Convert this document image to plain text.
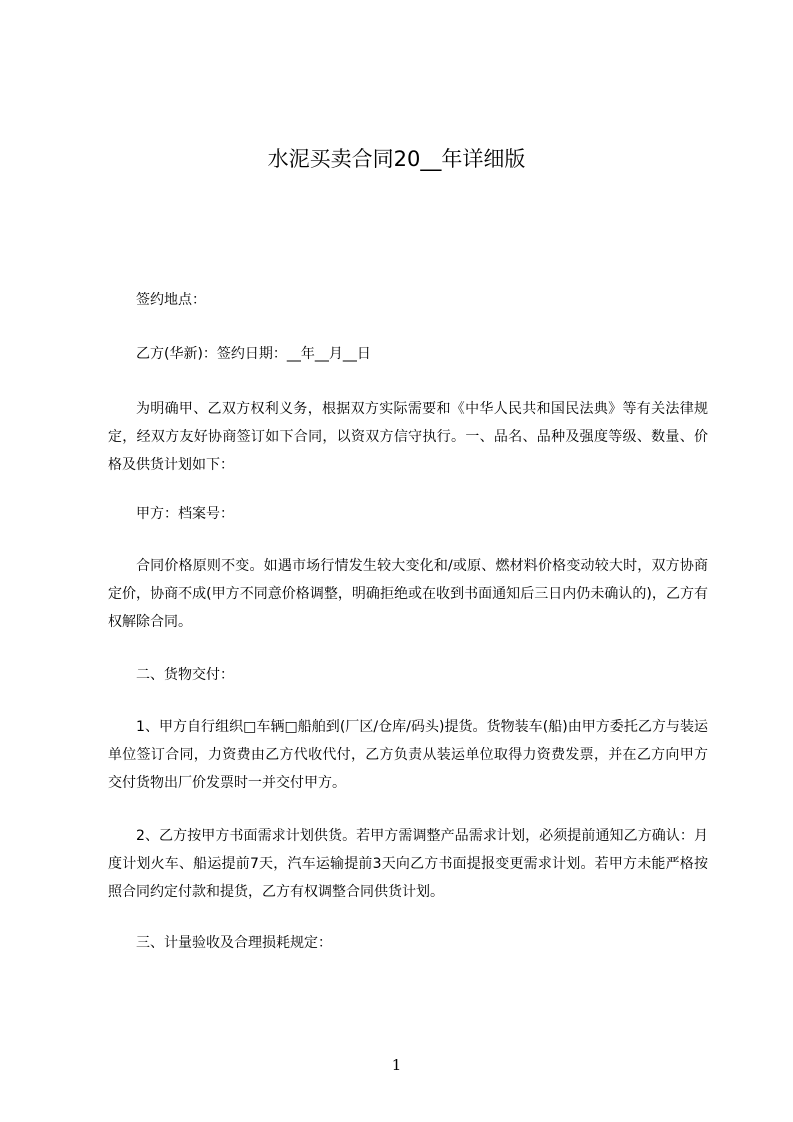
水泥买卖合同20__年详细版

签约地点：

乙方(华新)：签约日期：__年__月__日

为明确甲、乙双方权利义务，根据双方实际需要和《中华人民共和国民法典》等有关法律规定，经双方友好协商签订如下合同，以资双方信守执行。一、品名、品种及强度等级、数量、价格及供货计划如下：

甲方：档案号：

合同价格原则不变。如遇市场行情发生较大变化和/或原、燃材料价格变动较大时，双方协商定价，协商不成(甲方不同意价格调整，明确拒绝或在收到书面通知后三日内仍未确认的)，乙方有权解除合同。

二、货物交付：

1、甲方自行组织□车辆□船舶到(厂区/仓库/码头)提货。货物装车(船)由甲方委托乙方与装运单位签订合同，力资费由乙方代收代付，乙方负责从装运单位取得力资费发票，并在乙方向甲方交付货物出厂价发票时一并交付甲方。

2、乙方按甲方书面需求计划供货。若甲方需调整产品需求计划，必须提前通知乙方确认：月度计划火车、船运提前7天，汽车运输提前3天向乙方书面提报变更需求计划。若甲方未能严格按照合同约定付款和提货，乙方有权调整合同供货计划。

三、计量验收及合理损耗规定：

1
